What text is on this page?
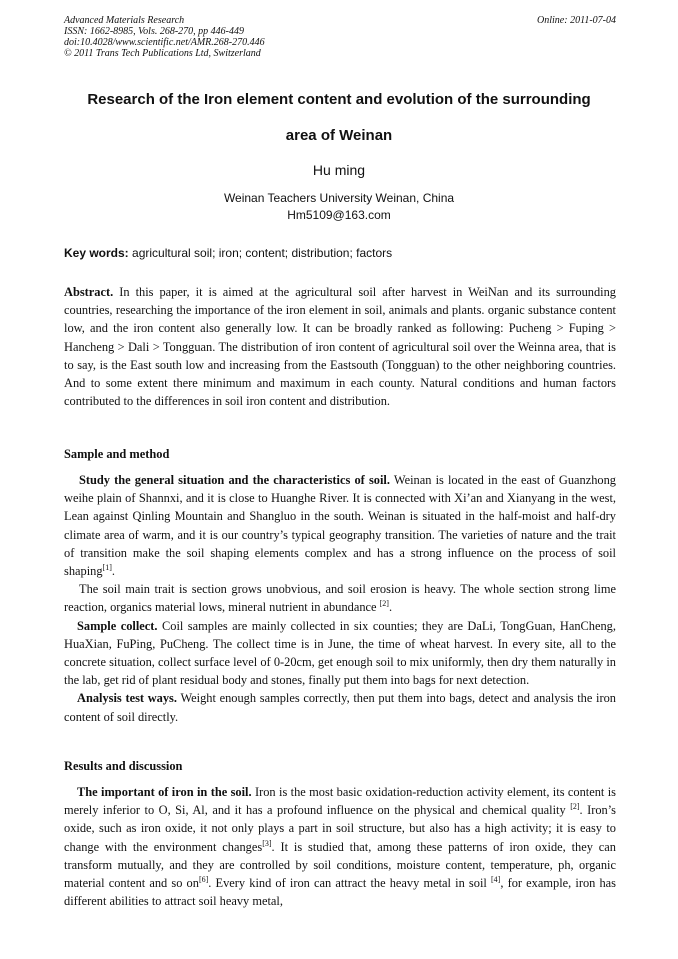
Advanced Materials Research
ISSN: 1662-8985, Vols. 268-270, pp 446-449
doi:10.4028/www.scientific.net/AMR.268-270.446
© 2011 Trans Tech Publications Ltd, Switzerland
Online: 2011-07-04
Research of the Iron element content and evolution of the surrounding
area of Weinan
Hu ming
Weinan Teachers University Weinan, China
Hm5109@163.com
Key words: agricultural soil; iron; content; distribution; factors

Abstract. In this paper, it is aimed at the agricultural soil after harvest in WeiNan and its surrounding countries, researching the importance of the iron element in soil, animals and plants. organic substance content low, and the iron content also generally low. It can be broadly ranked as following: Pucheng > Fuping > Hancheng > Dali > Tongguan. The distribution of iron content of agricultural soil over the Weinna area, that is to say, is the East south low and increasing from the Eastsouth (Tongguan) to the other neighboring countries. And to some extent there minimum and maximum in each county. Natural conditions and human factors contributed to the differences in soil iron content and distribution.

Sample and method

Study the general situation and the characteristics of soil. Weinan is located in the east of Guanzhong weihe plain of Shannxi, and it is close to Huanghe River. It is connected with Xi’an and Xianyang in the west, Lean against Qinling Mountain and Shangluo in the south. Weinan is situated in the half-moist and half-dry climate area of warm, and it is our country’s typical geography transition. The varieties of nature and the trait of transition make the soil shaping elements complex and has a strong influence on the process of soil shaping[1].

The soil main trait is section grows unobvious, and soil erosion is heavy. The whole section strong lime reaction, organics material lows, mineral nutrient in abundance [2].

Sample collect. Coil samples are mainly collected in six counties; they are DaLi, TongGuan, HanCheng, HuaXian, FuPing, PuCheng. The collect time is in June, the time of wheat harvest. In every site, all to the concrete situation, collect surface level of 0-20cm, get enough soil to mix uniformly, then dry them naturally in the lab, get rid of plant residual body and stones, finally put them into bags for next detection.

Analysis test ways. Weight enough samples correctly, then put them into bags, detect and analysis the iron content of soil directly.

Results and discussion

The important of iron in the soil. Iron is the most basic oxidation-reduction activity element, its content is merely inferior to O, Si, Al, and it has a profound influence on the physical and chemical quality [2]. Iron’s oxide, such as iron oxide, it not only plays a part in soil structure, but also has a high activity; it is easy to change with the environment changes[3]. It is studied that, among these patterns of iron oxide, they can transform mutually, and they are controlled by soil conditions, moisture content, temperature, ph, organic material content and so on[6]. Every kind of iron can attract the heavy metal in soil [4], for example, iron has different abilities to attract soil heavy metal,
